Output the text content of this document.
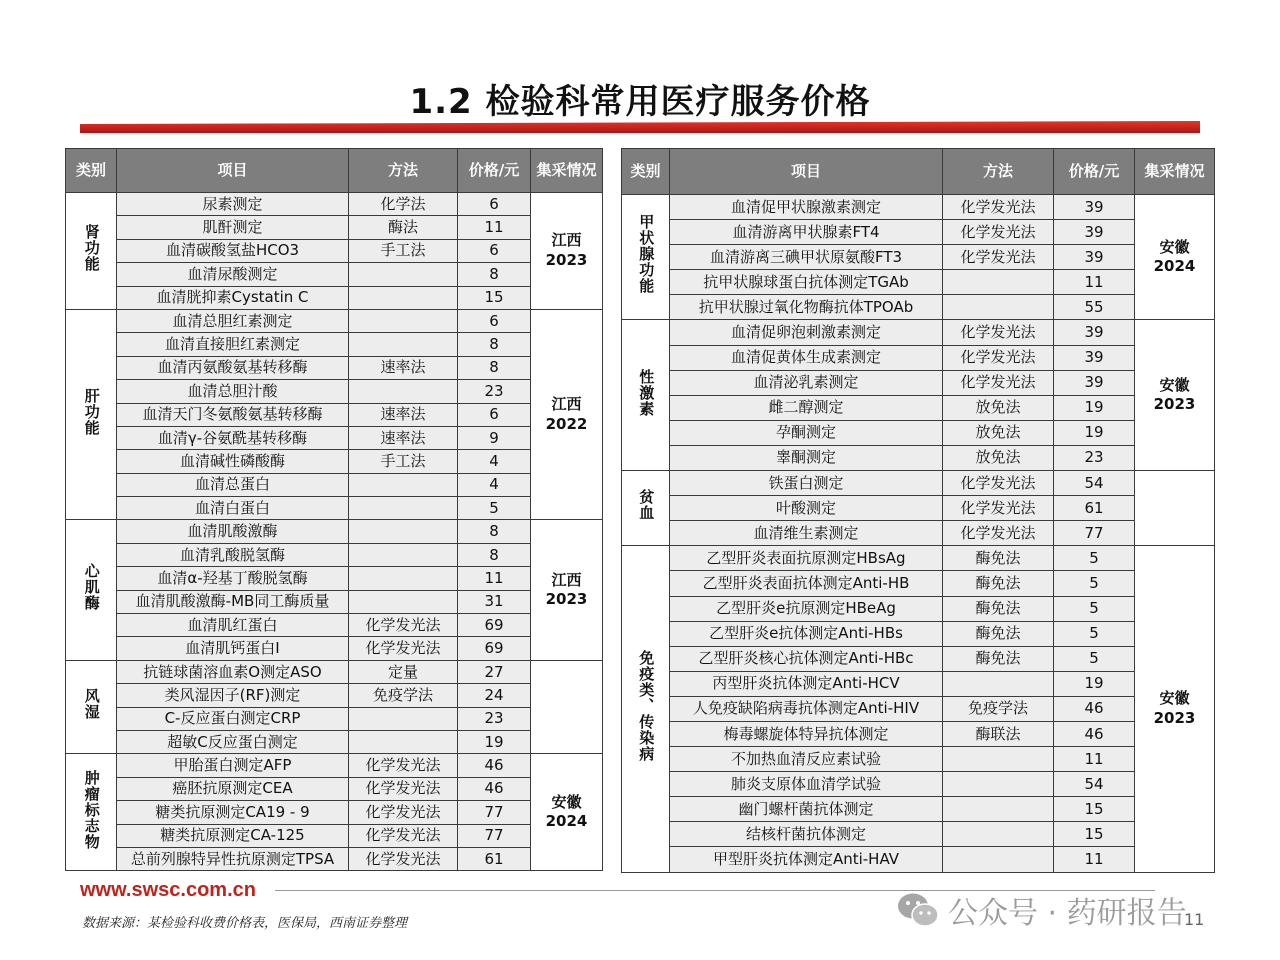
1.2 检验科常用医疗服务价格
类别	项目	方法	价格/元	集采情况
肾功能	尿素测定	化学法	6	江西
2023
	肌酐测定	酶法	11	
	血清碳酸氢盐HCO3	手工法	6	
	血清尿酸测定		8	
	血清胱抑素Cystatin C		15	
肝功能	血清总胆红素测定		6	江西
2022
	血清直接胆红素测定		8	
	血清丙氨酸氨基转移酶	速率法	8	
	血清总胆汁酸		23	
	血清天门冬氨酸氨基转移酶	速率法	6	
	血清γ-谷氨酰基转移酶	速率法	9	
	血清碱性磷酸酶	手工法	4	
	血清总蛋白		4	
	血清白蛋白		5	
心肌酶	血清肌酸激酶		8	江西
2023
	血清乳酸脱氢酶		8	
	血清α-羟基丁酸脱氢酶		11	
	血清肌酸激酶-MB同工酶质量		31	
	血清肌红蛋白	化学发光法	69	
	血清肌钙蛋白I	化学发光法	69	
风湿	抗链球菌溶血素O测定ASO	定量	27	
	类风湿因子(RF)测定	免疫学法	24	
	C-反应蛋白测定CRP		23	
	超敏C反应蛋白测定		19	
肿瘤标志物	甲胎蛋白测定AFP	化学发光法	46	安徽
2024
	癌胚抗原测定CEA	化学发光法	46	
	糖类抗原测定CA19 - 9	化学发光法	77	
	糖类抗原测定CA-125	化学发光法	77	
	总前列腺特异性抗原测定TPSA	化学发光法	61	
类别	项目	方法	价格/元	集采情况
甲状腺功能	血清促甲状腺激素测定	化学发光法	39	安徽
2024
	血清游离甲状腺素FT4	化学发光法	39	
	血清游离三碘甲状原氨酸FT3	化学发光法	39	
	抗甲状腺球蛋白抗体测定TGAb		11	
	抗甲状腺过氧化物酶抗体TPOAb		55	
性激素	血清促卵泡刺激素测定	化学发光法	39	安徽
2023
	血清促黄体生成素测定	化学发光法	39	
	血清泌乳素测定	化学发光法	39	
	雌二醇测定	放免法	19	
	孕酮测定	放免法	19	
	睾酮测定	放免法	23	
贫血	铁蛋白测定	化学发光法	54	
	叶酸测定	化学发光法	61	
	血清维生素测定	化学发光法	77	
免疫类、传染病	乙型肝炎表面抗原测定HBsAg	酶免法	5	安徽
2023
	乙型肝炎表面抗体测定Anti-HB	酶免法	5	
	乙型肝炎e抗原测定HBeAg	酶免法	5	
	乙型肝炎e抗体测定Anti-HBs	酶免法	5	
	乙型肝炎核心抗体测定Anti-HBc	酶免法	5	
	丙型肝炎抗体测定Anti-HCV		19	
	人免疫缺陷病毒抗体测定Anti-HIV	免疫学法	46	
	梅毒螺旋体特异抗体测定	酶联法	46	
	不加热血清反应素试验		11	
	肺炎支原体血清学试验		54	
	幽门螺杆菌抗体测定		15	
	结核杆菌抗体测定		15	
	甲型肝炎抗体测定Anti-HAV		11	
www.swsc.com.cn
数据来源：某检验科收费价格表，医保局，西南证券整理	公众号 · 药研报告
11
